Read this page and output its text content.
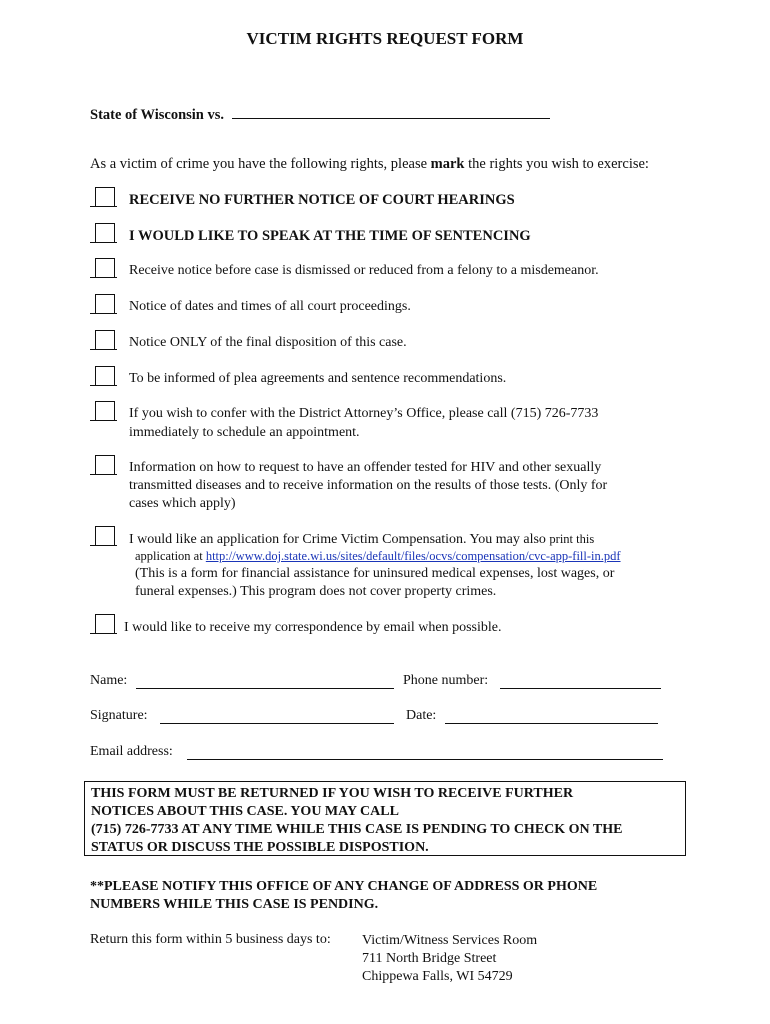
VICTIM RIGHTS REQUEST FORM
State of Wisconsin vs.
As a victim of crime you have the following rights, please mark the rights you wish to exercise:
RECEIVE NO FURTHER NOTICE OF COURT HEARINGS
I WOULD LIKE TO SPEAK AT THE TIME OF SENTENCING
Receive notice before case is dismissed or reduced from a felony to a misdemeanor.
Notice of dates and times of all court proceedings.
Notice ONLY of the final disposition of this case.
To be informed of plea agreements and sentence recommendations.
If you wish to confer with the District Attorney’s Office, please call (715) 726-7733
immediately to schedule an appointment.
Information on how to request to have an offender tested for HIV and other sexually
transmitted diseases and to receive information on the results of those tests. (Only for
cases which apply)
I would like an application for Crime Victim Compensation. You may also print this
application at http://www.doj.state.wi.us/sites/default/files/ocvs/compensation/cvc-app-fill-in.pdf
(This is a form for financial assistance for uninsured medical expenses, lost wages, or
funeral expenses.) This program does not cover property crimes.
I would like to receive my correspondence by email when possible.
Name:	Phone number:
Signature:	Date:
Email address:
THIS FORM MUST BE RETURNED IF YOU WISH TO RECEIVE FURTHER
NOTICES ABOUT THIS CASE. YOU MAY CALL
(715) 726-7733 AT ANY TIME WHILE THIS CASE IS PENDING TO CHECK ON THE
STATUS OR DISCUSS THE POSSIBLE DISPOSTION.
**PLEASE NOTIFY THIS OFFICE OF ANY CHANGE OF ADDRESS OR PHONE
NUMBERS WHILE THIS CASE IS PENDING.
Return this form within 5 business days to: Victim/Witness Services Room
711 North Bridge Street
Chippewa Falls, WI 54729
